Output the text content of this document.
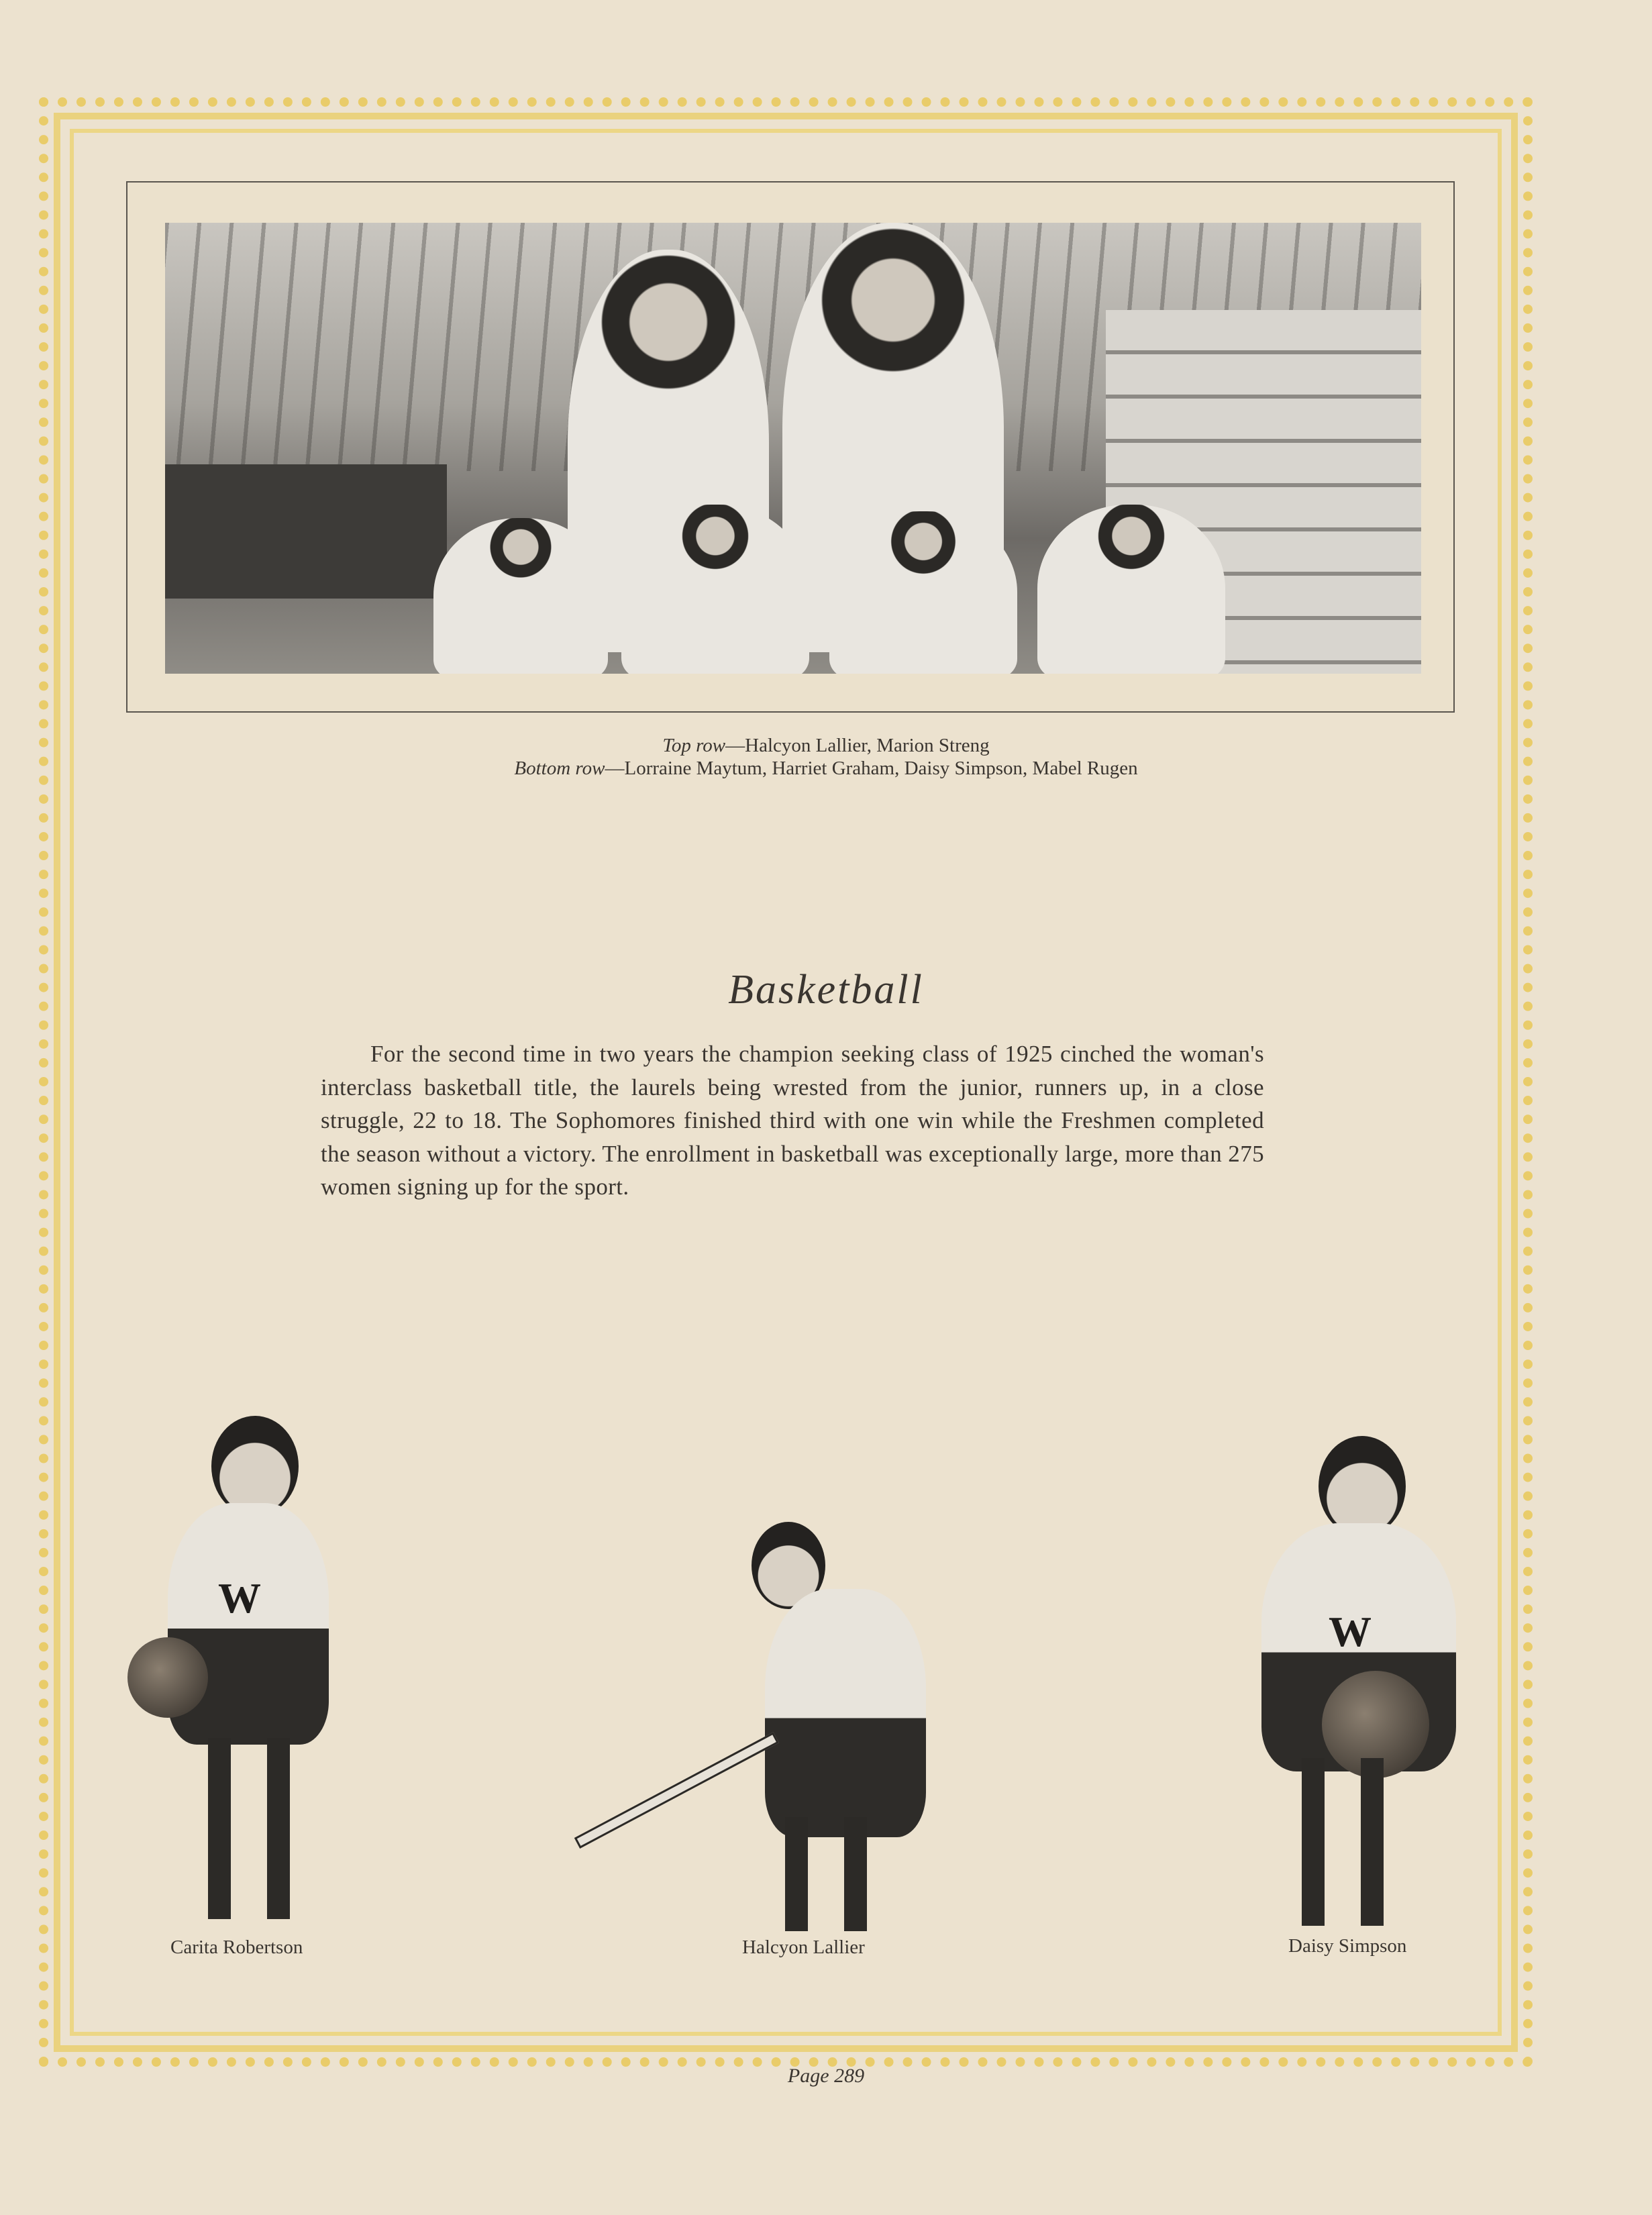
Top row—Halcyon Lallier, Marion Streng
Bottom row—Lorraine Maytum, Harriet Graham, Daisy Simpson, Mabel Rugen
Basketball
For the second time in two years the champion seeking class of 1925 cinched the woman's interclass basketball title, the laurels being wrested from the junior, runners up, in a close struggle, 22 to 18. The Sophomores finished third with one win while the Freshmen completed the season without a victory. The enrollment in basketball was exceptionally large, more than 275 women signing up for the sport.
W
Carita Robertson	Halcyon Lallier
W
Daisy Simpson
Page 289
